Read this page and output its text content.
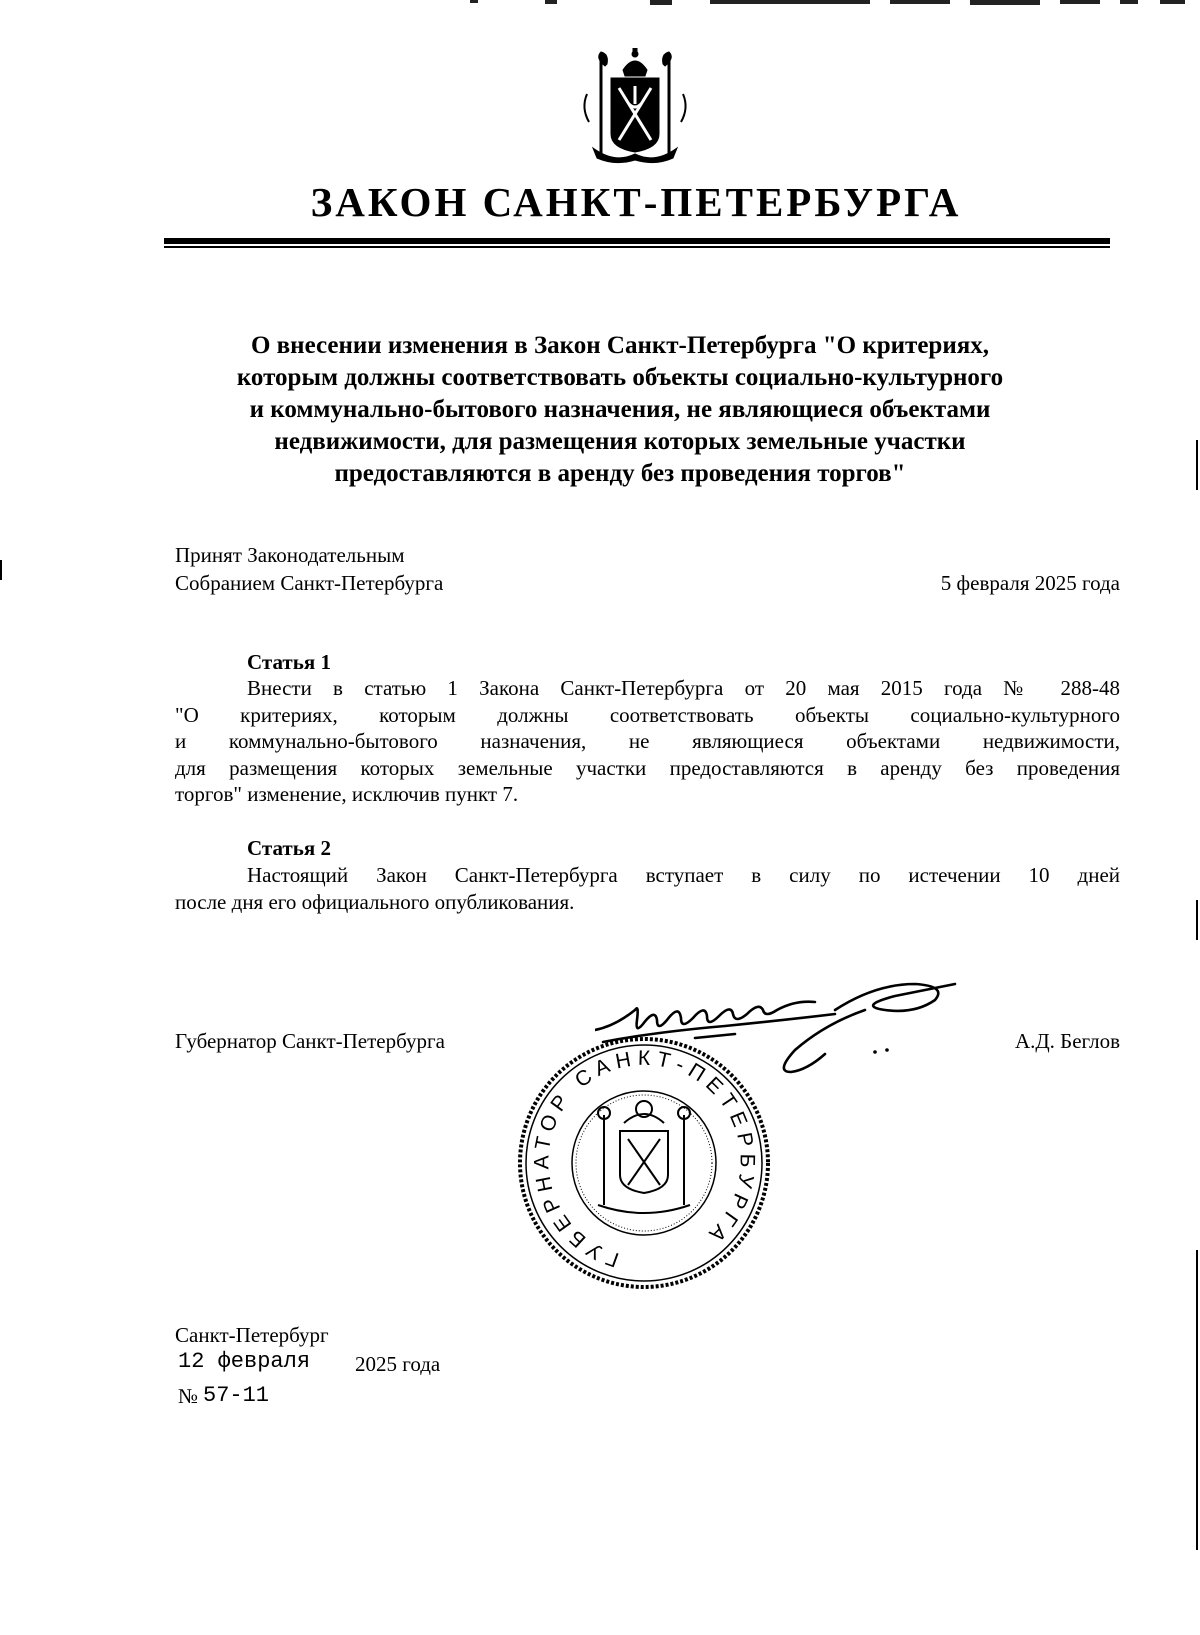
ЗАКОН САНКТ-ПЕТЕРБУРГА
О внесении изменения в Закон Санкт-Петербурга "О критериях,
которым должны соответствовать объекты социально-культурного
и коммунально-бытового назначения, не являющиеся объектами
недвижимости, для размещения которых земельные участки
предоставляются в аренду без проведения торгов"
Принят Законодательным
Собранием Санкт-Петербурга	5 февраля 2025 года
Статья 1
Внести в статью 1 Закона Санкт-Петербурга от 20 мая 2015 года № 288-48
"О критериях, которым должны соответствовать объекты социально-культурного
и коммунально-бытового назначения, не являющиеся объектами недвижимости,
для размещения которых земельные участки предоставляются в аренду без проведения
торгов" изменение, исключив пункт 7.
Статья 2
Настоящий Закон Санкт-Петербурга вступает в силу по истечении 10 дней
после дня его официального опубликования.
Губернатор Санкт-Петербурга	А.Д. Беглов
ГУБЕРНАТОР САНКТ-ПЕТЕРБУРГА
Санкт-Петербург
12 февраля 2025 года
№ 57-11
